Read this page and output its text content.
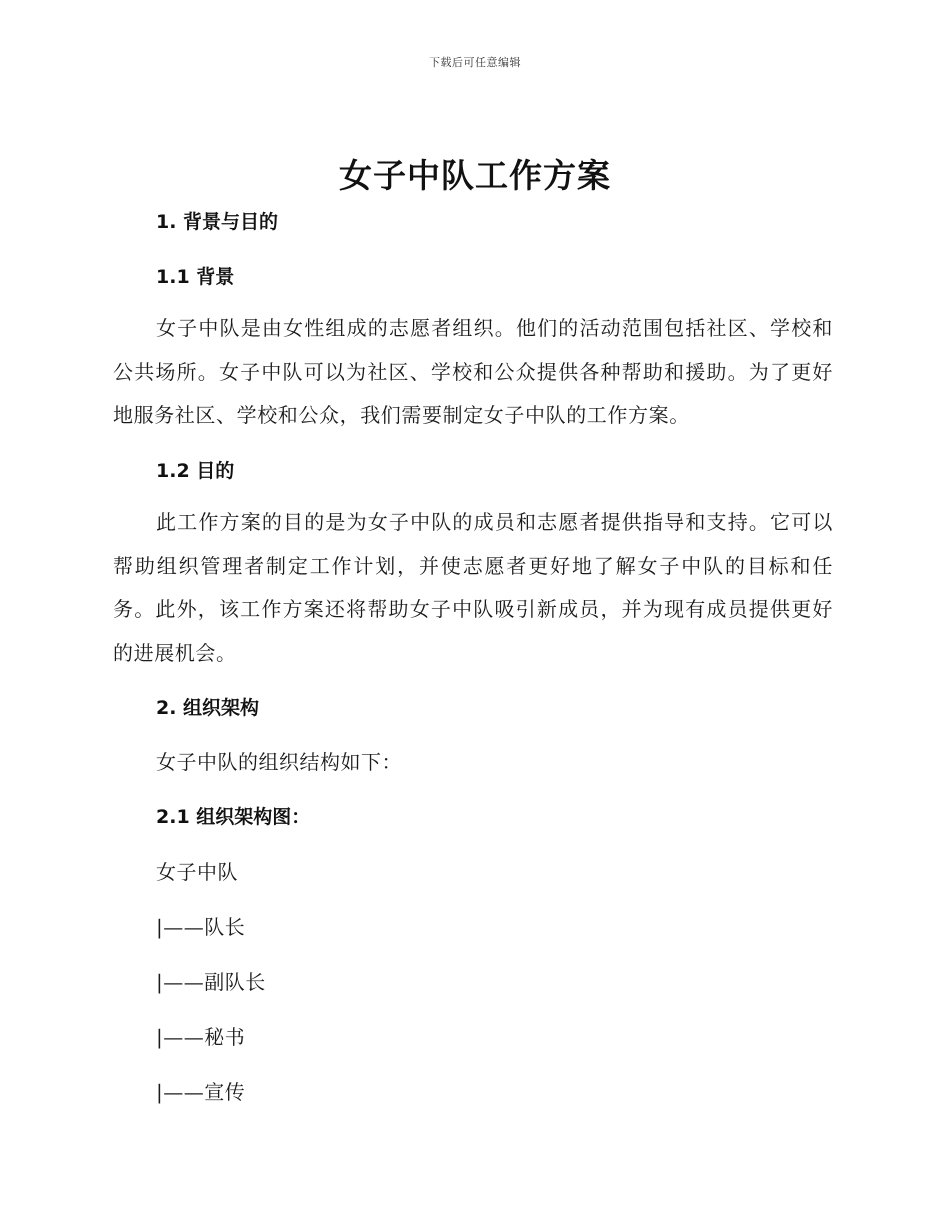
下载后可任意编辑
女子中队工作方案
1. 背景与目的
1.1 背景
女子中队是由女性组成的志愿者组织。他们的活动范围包括社区、学校和公共场所。女子中队可以为社区、学校和公众提供各种帮助和援助。为了更好地服务社区、学校和公众，我们需要制定女子中队的工作方案。
1.2 目的
此工作方案的目的是为女子中队的成员和志愿者提供指导和支持。它可以帮助组织管理者制定工作计划，并使志愿者更好地了解女子中队的目标和任务。此外，该工作方案还将帮助女子中队吸引新成员，并为现有成员提供更好的进展机会。
2. 组织架构
女子中队的组织结构如下：
2.1 组织架构图：
女子中队
|——队长
|——副队长
|——秘书
|——宣传
